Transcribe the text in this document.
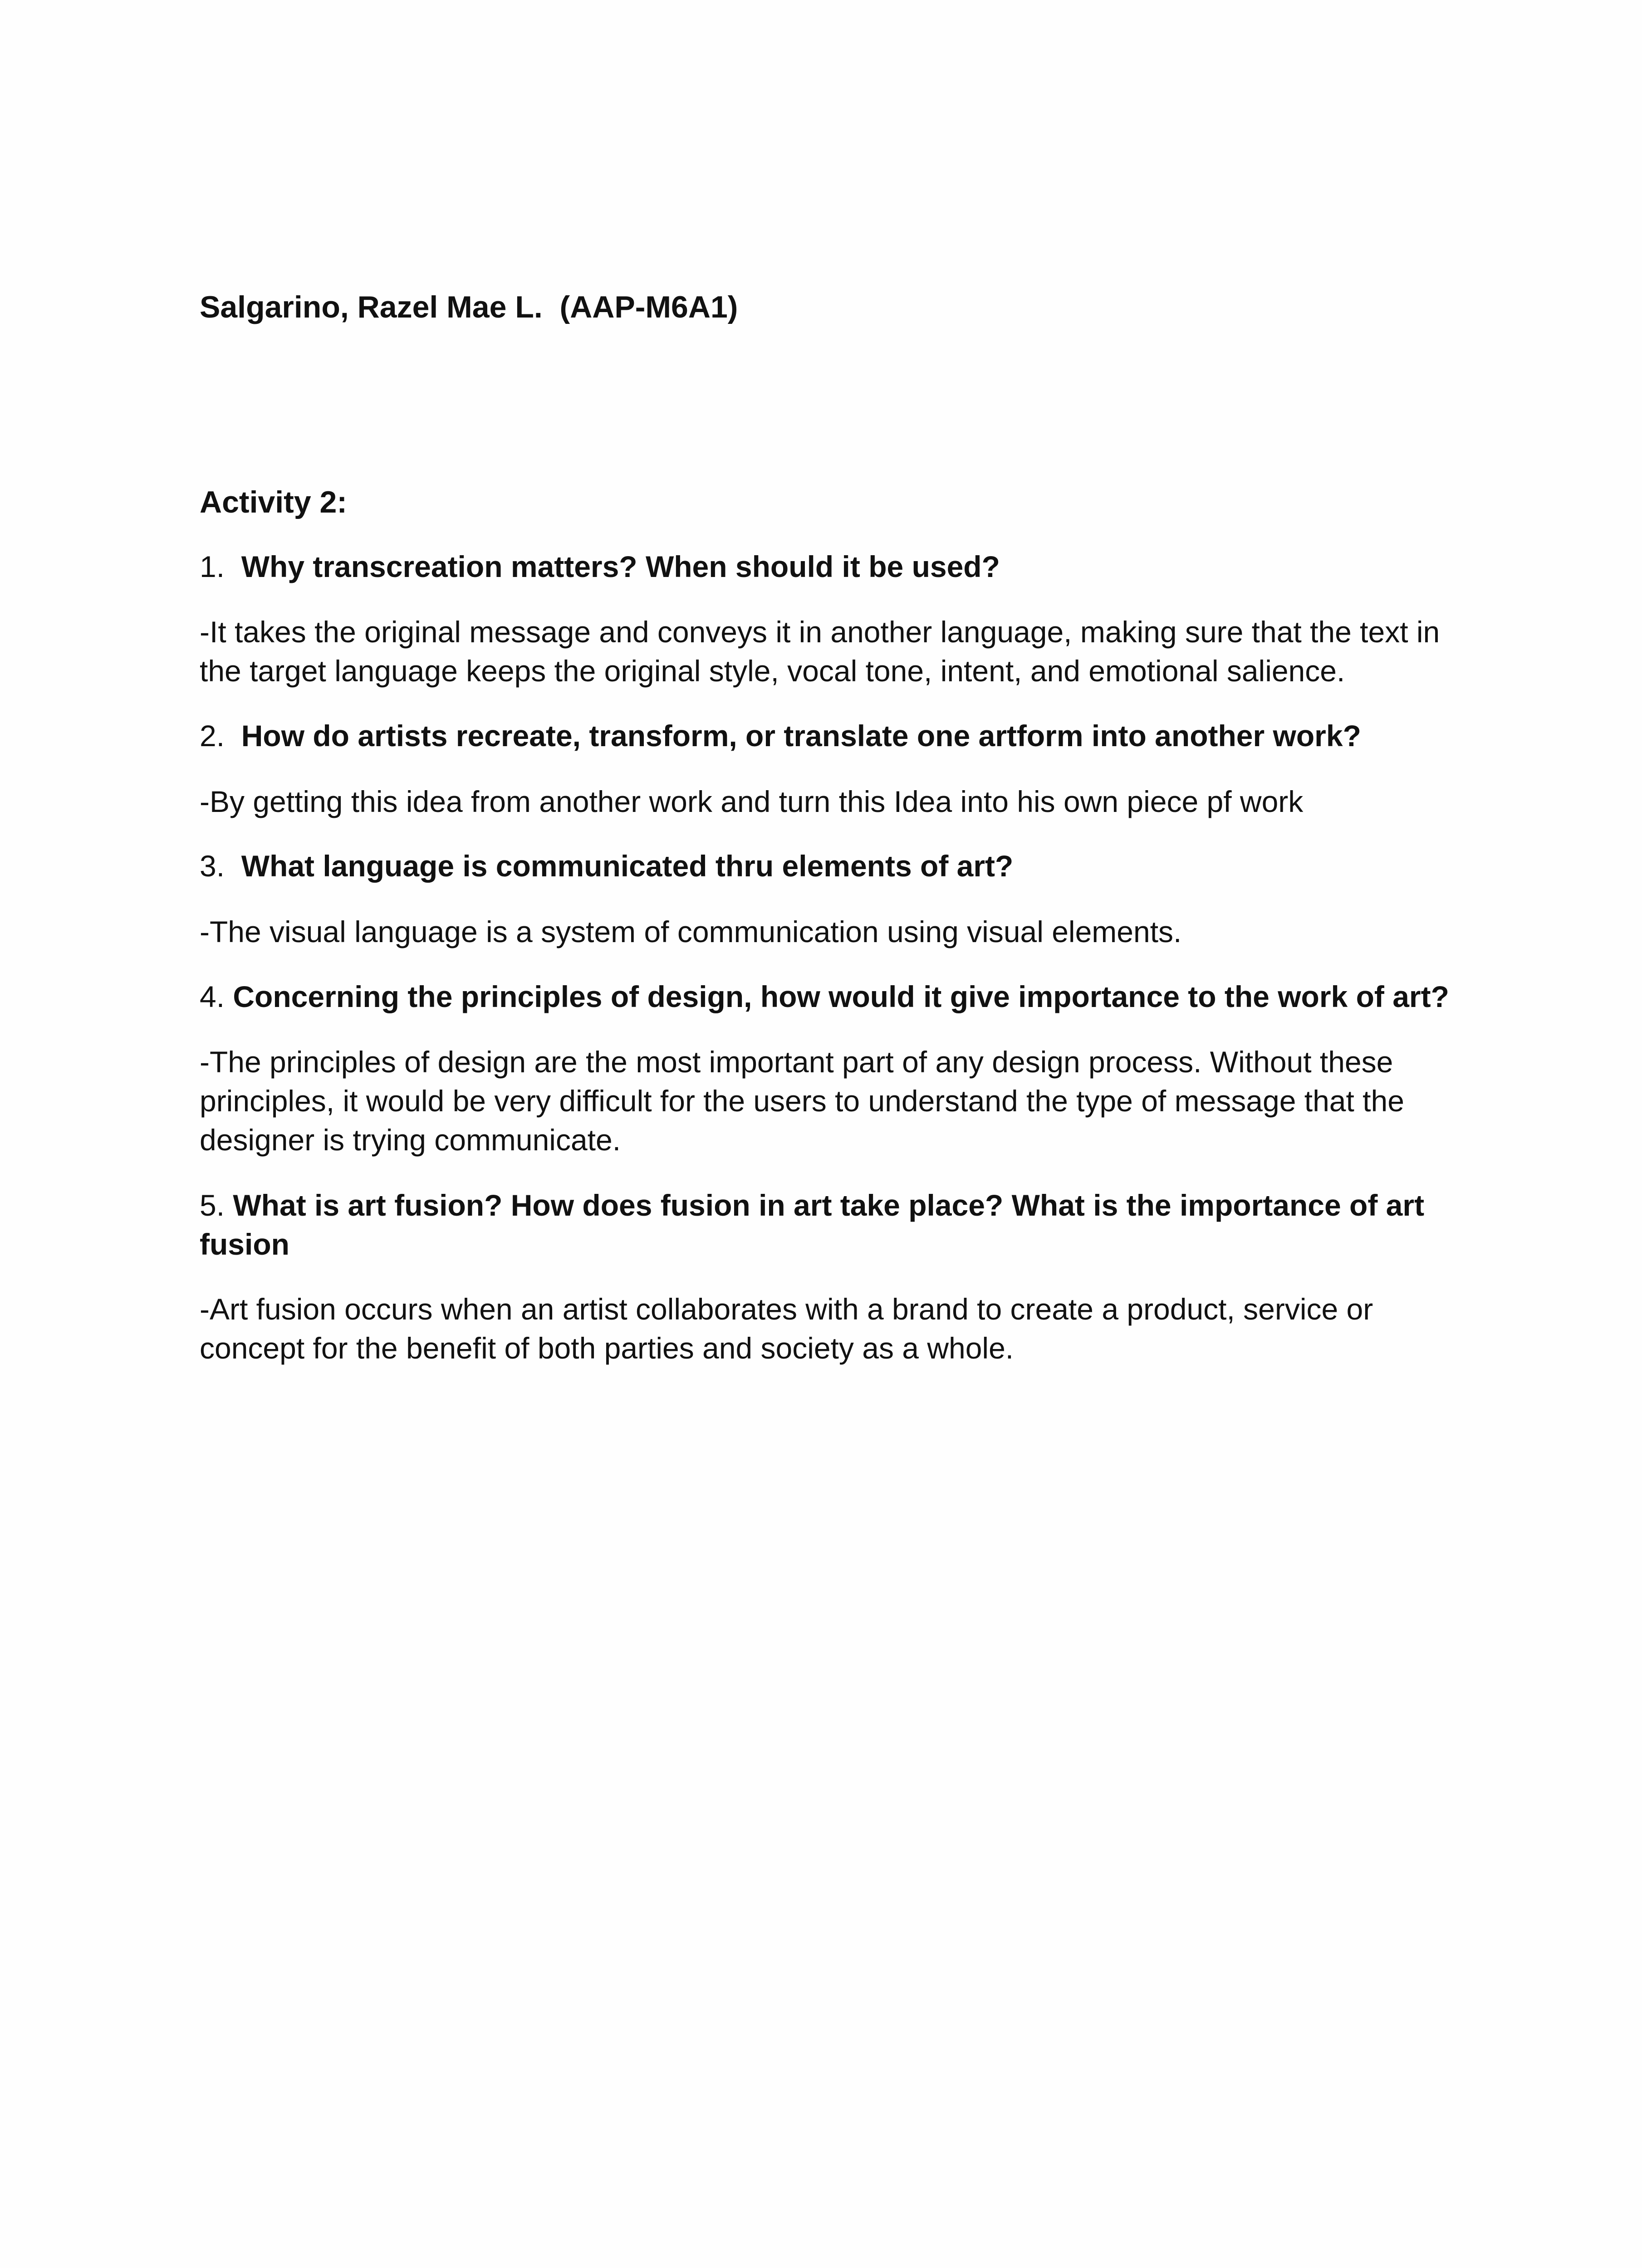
Salgarino, Razel Mae L.  (AAP-M6A1)

Activity 2:

1.  Why transcreation matters? When should it be used?

-It takes the original message and conveys it in another language, making sure that the text in the target language keeps the original style, vocal tone, intent, and emotional salience.

2.  How do artists recreate, transform, or translate one artform into another work?

-By getting this idea from another work and turn this Idea into his own piece pf work

3.  What language is communicated thru elements of art?

-The visual language is a system of communication using visual elements.

4. Concerning the principles of design, how would it give importance to the work of art?

-The principles of design are the most important part of any design process. Without these principles, it would be very difficult for the users to understand the type of message that the designer is trying communicate.

5. What is art fusion? How does fusion in art take place? What is the importance of art fusion

-Art fusion occurs when an artist collaborates with a brand to create a product, service or concept for the benefit of both parties and society as a whole.
